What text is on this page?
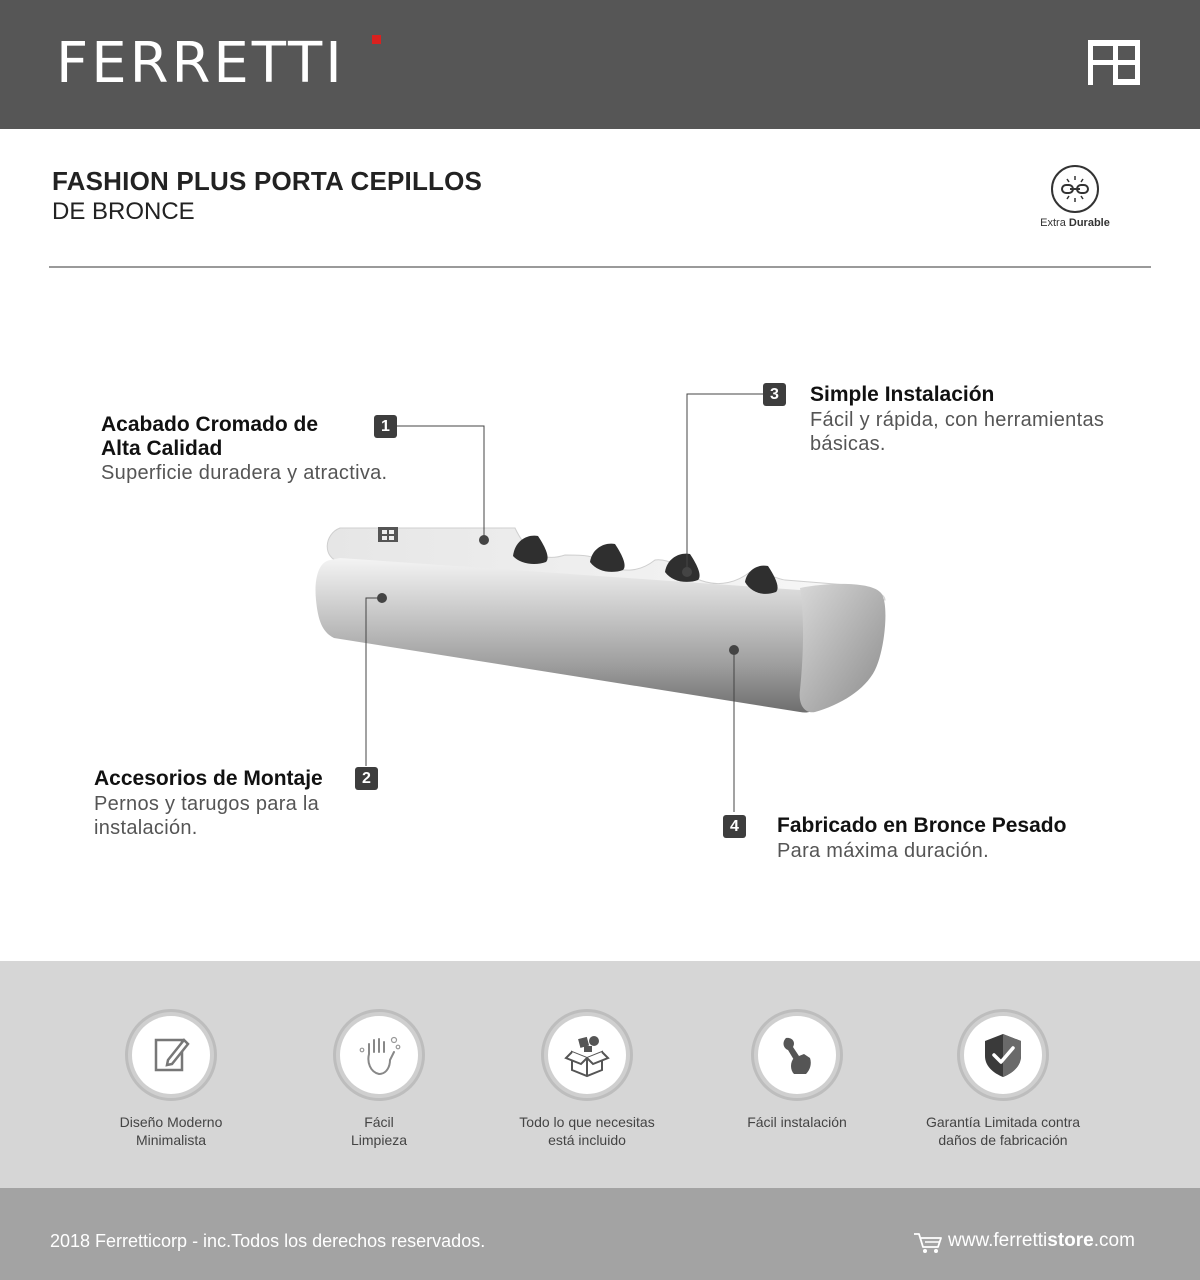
FERRETTI
FASHION PLUS PORTA CEPILLOS
DE BRONCE	Extra Durable
1
Acabado Cromado de
Alta Calidad
Superficie duradera y atractiva.
2
Accesorios de Montaje
Pernos y tarugos para la
instalación.
3	Simple Instalación
Fácil y rápida, con herramientas
básicas.
4	Fabricado en Bronce Pesado
Para máxima duración.
Diseño Moderno
Minimalista
Fácil
Limpieza
Todo lo que necesitas
está incluido
Fácil instalación	Garantía Limitada contra
daños de fabricación
2018 Ferretticorp - inc.Todos los derechos reservados.	www.ferrettistore.com
